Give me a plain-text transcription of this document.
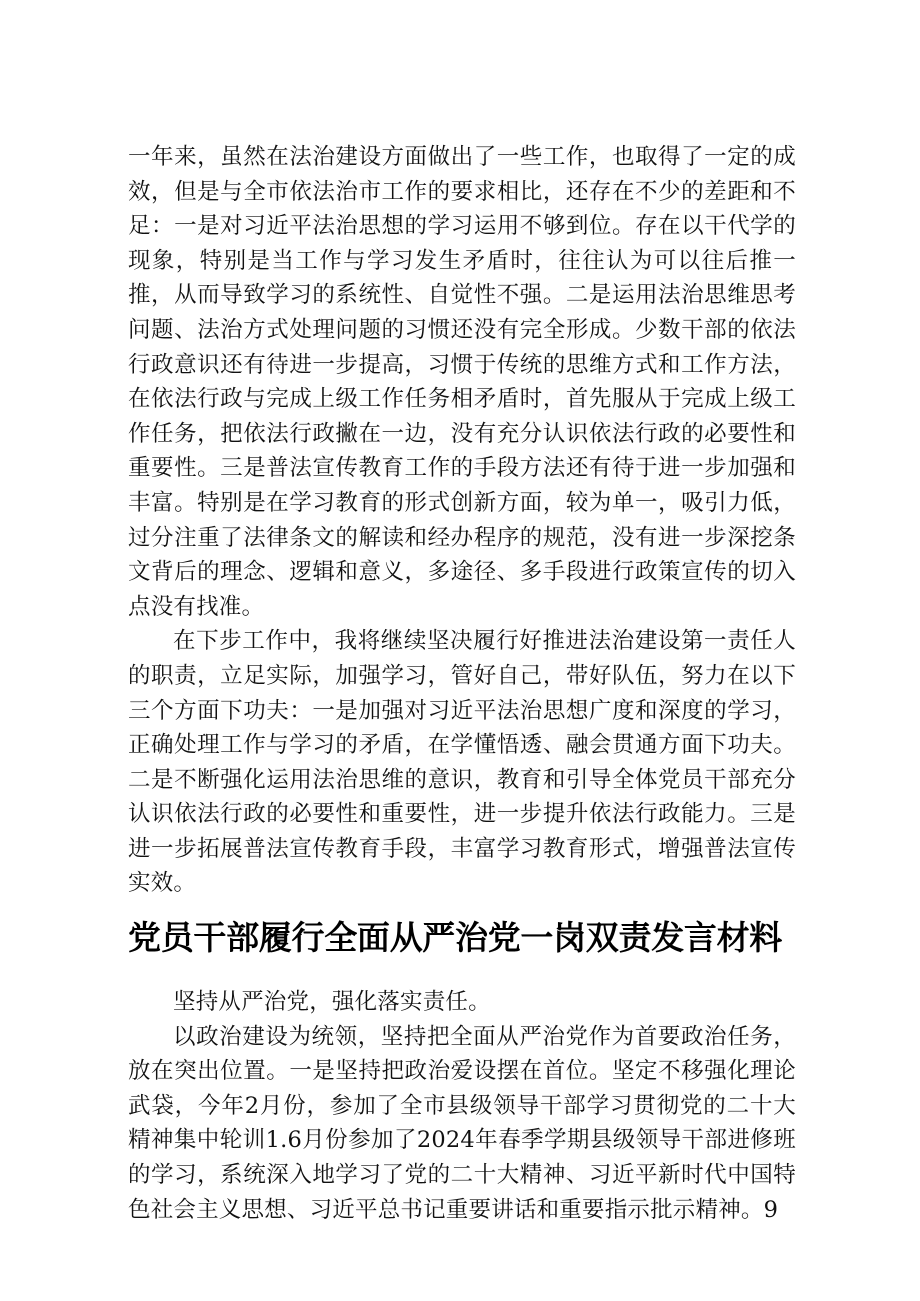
一年来，虽然在法治建设方面做出了一些工作，也取得了一定的成效，但是与全市依法治市工作的要求相比，还存在不少的差距和不足：一是对习近平法治思想的学习运用不够到位。存在以干代学的现象，特别是当工作与学习发生矛盾时，往往认为可以往后推一推，从而导致学习的系统性、自觉性不强。二是运用法治思维思考问题、法治方式处理问题的习惯还没有完全形成。少数干部的依法行政意识还有待进一步提高，习惯于传统的思维方式和工作方法，在依法行政与完成上级工作任务相矛盾时，首先服从于完成上级工作任务，把依法行政撇在一边，没有充分认识依法行政的必要性和重要性。三是普法宣传教育工作的手段方法还有待于进一步加强和丰富。特别是在学习教育的形式创新方面，较为单一，吸引力低，过分注重了法律条文的解读和经办程序的规范，没有进一步深挖条文背后的理念、逻辑和意义，多途径、多手段进行政策宣传的切入点没有找准。

在下步工作中，我将继续坚决履行好推进法治建设第一责任人的职责，立足实际，加强学习，管好自己，带好队伍，努力在以下三个方面下功夫：一是加强对习近平法治思想广度和深度的学习，正确处理工作与学习的矛盾，在学懂悟透、融会贯通方面下功夫。二是不断强化运用法治思维的意识，教育和引导全体党员干部充分认识依法行政的必要性和重要性，进一步提升依法行政能力。三是进一步拓展普法宣传教育手段，丰富学习教育形式，增强普法宣传实效。

党员干部履行全面从严治党一岗双责发言材料

坚持从严治党，强化落实责任。

以政治建设为统领，坚持把全面从严治党作为首要政治任务，放在突出位置。一是坚持把政治爱设摆在首位。坚定不移强化理论武袋，今年2月份，参加了全市县级领导干部学习贯彻党的二十大精神集中轮训1.6月份参加了2024年春季学期县级领导干部进修班的学习，系统深入地学习了党的二十大精神、习近平新时代中国特色社会主义思想、习近平总书记重要讲话和重要指示批示精神。9
